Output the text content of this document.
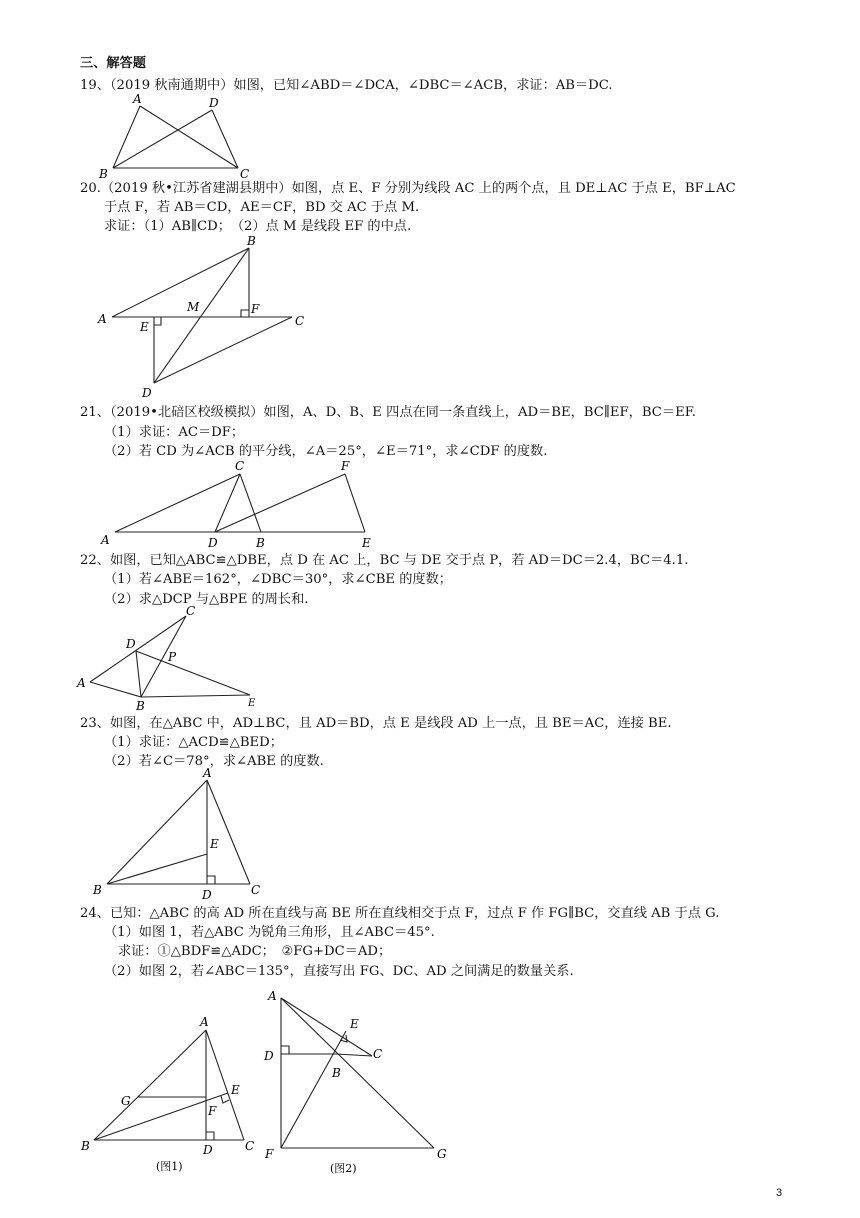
三、解答题
19、（2019 秋南通期中）如图，已知∠ABD＝∠DCA，∠DBC＝∠ACB，求证：AB＝DC.
A	D
B	C
20.（2019 秋•江苏省建湖县期中）如图，点 E、F 分别为线段 AC 上的两个点，且 DE⊥AC 于点 E，BF⊥AC
于点 F，若 AB＝CD，AE＝CF，BD 交 AC 于点 M.
求证：（1）AB∥CD；　（2）点 M 是线段 EF 的中点.
A
B
C
D
E
F
M
21、（2019•北碚区校级模拟）如图，A、D、B、E 四点在同一条直线上，AD＝BE，BC∥EF，BC＝EF.
（1）求证：AC＝DF；
（2）若 CD 为∠ACB 的平分线，∠A＝25°，∠E＝71°，求∠CDF 的度数.
A
C	F
D	B	E
22、如图，已知△ABC≌△DBE，点 D 在 AC 上，BC 与 DE 交于点 P，若 AD＝DC＝2.4，BC＝4.1.
（1）若∠ABE＝162°，∠DBC＝30°，求∠CBE 的度数；
（2）求△DCP 与△BPE 的周长和.
A
C
D
P
B	E
23、如图，在△ABC 中，AD⊥BC，且 AD＝BD，点 E 是线段 AD 上一点，且 BE＝AC，连接 BE.
（1）求证：△ACD≌△BED；
（2）若∠C＝78°，求∠ABE 的度数.
A
B	C
D
E
24、已知：△ABC 的高 AD 所在直线与高 BE 所在直线相交于点 F，过点 F 作 FG∥BC，交直线 AB 于点 G.
（1）如图 1，若△ABC 为锐角三角形，且∠ABC＝45°.
求证：①△BDF≌△ADC；　②FG+DC＝AD；
（2）如图 2，若∠ABC＝135°，直接写出 FG、DC、AD 之间满足的数量关系.
A
B	C
D
E
F
G
(图1)
A
D
E
C
B
F	G
(图2)
3
